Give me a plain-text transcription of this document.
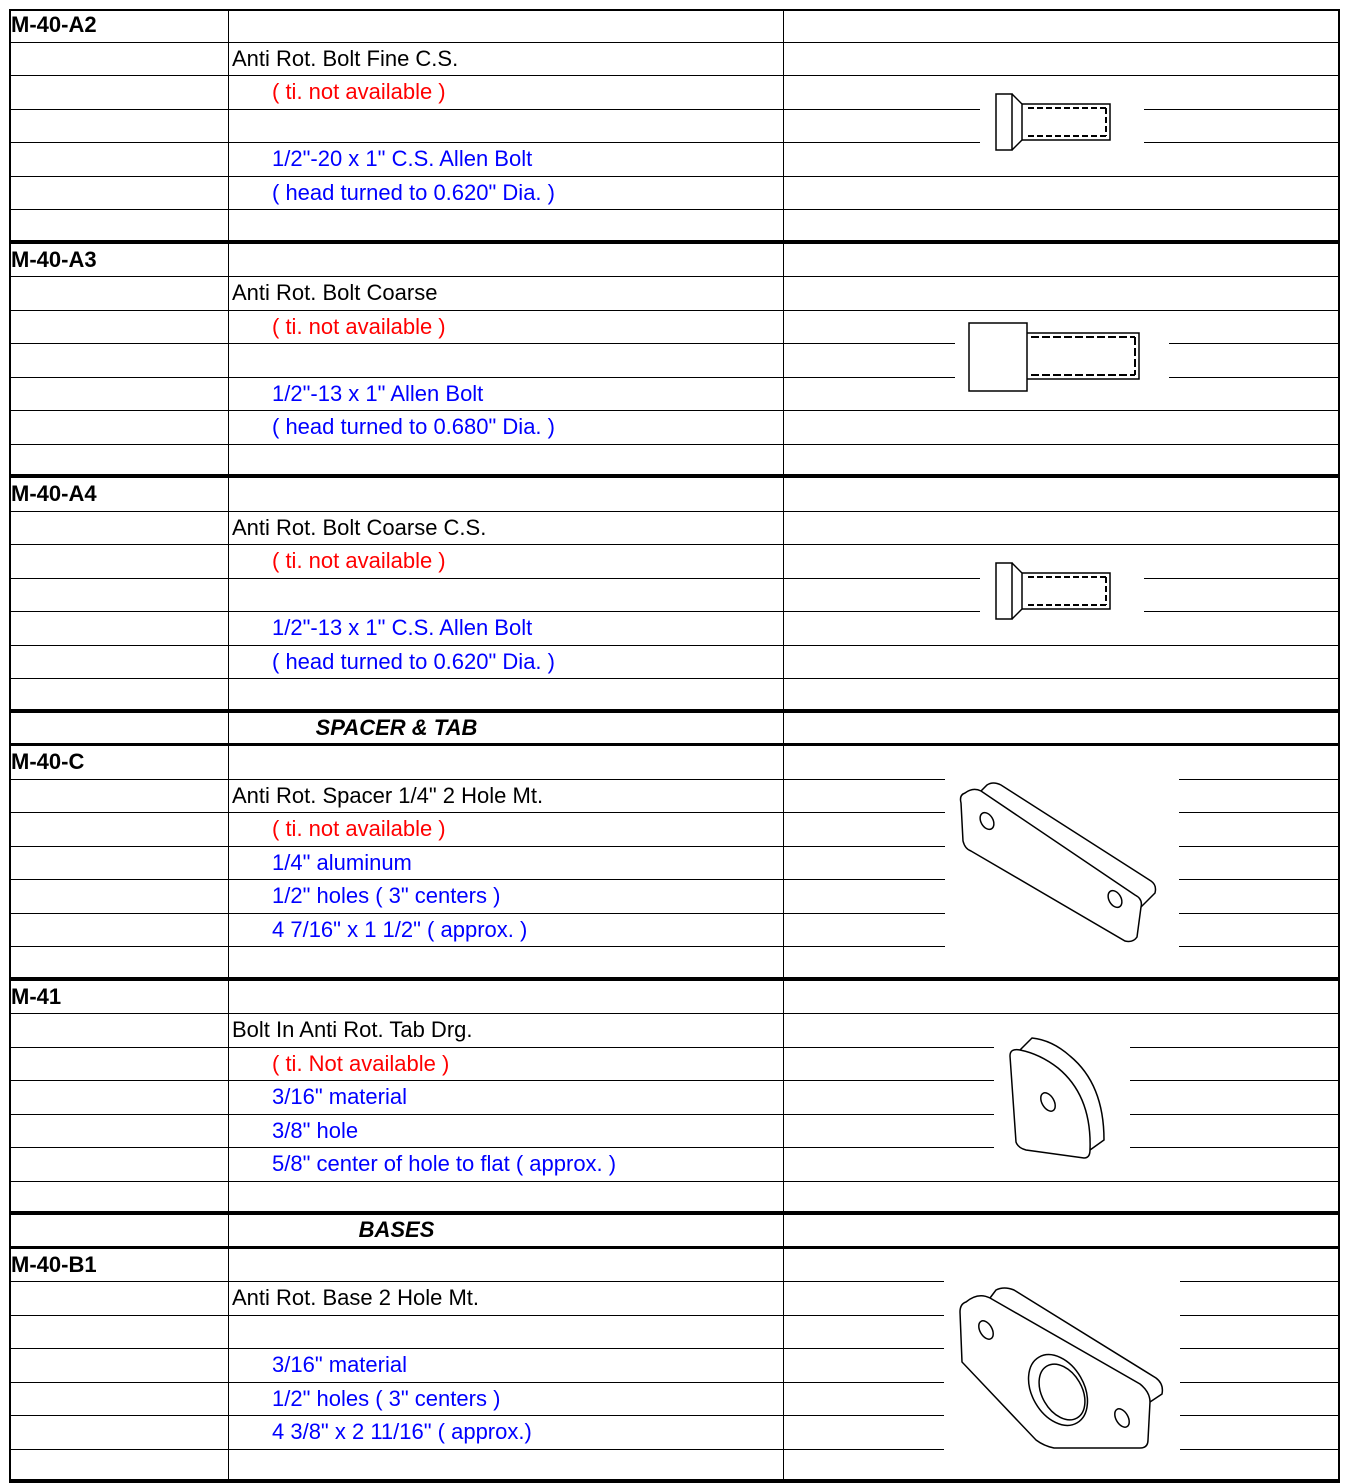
M-40-A2
Anti Rot. Bolt Fine C.S.
( ti. not available )
1/2"-20 x 1" C.S. Allen Bolt
( head turned to 0.620" Dia. )
M-40-A3
Anti Rot. Bolt Coarse
( ti. not available )
1/2"-13 x 1" Allen Bolt
( head turned to 0.680" Dia. )
M-40-A4
Anti Rot. Bolt Coarse C.S.
( ti. not available )
1/2"-13 x 1" C.S. Allen Bolt
( head turned to 0.620" Dia. )
SPACER & TAB
M-40-C
Anti Rot. Spacer 1/4" 2 Hole Mt.
( ti. not available )
1/4" aluminum
1/2" holes ( 3" centers )
4 7/16" x 1 1/2" ( approx. )
M-41
Bolt In Anti Rot. Tab Drg.
( ti. Not available )
3/16" material
3/8" hole
5/8" center of hole to flat ( approx. )
BASES
M-40-B1
Anti Rot. Base 2 Hole Mt.
3/16" material
1/2" holes ( 3" centers )
4 3/8" x 2 11/16" ( approx.)
